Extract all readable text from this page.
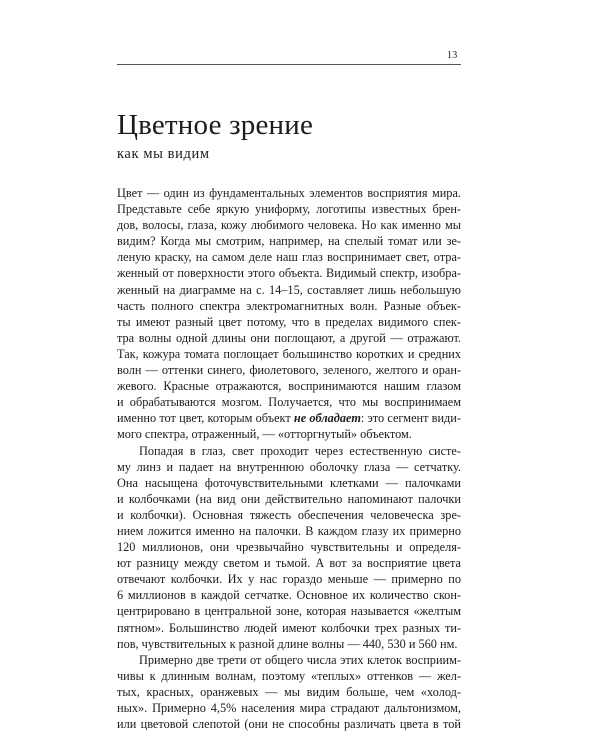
13
Цветное зрение
как мы видим
Цвет — один из фундаментальных элементов восприятия мира.
Представьте себе яркую униформу, логотипы известных брен-
дов, волосы, глаза, кожу любимого человека. Но как именно мы
видим? Когда мы смотрим, например, на спелый томат или зе-
леную краску, на самом деле наш глаз воспринимает свет, отра-
женный от поверхности этого объекта. Видимый спектр, изобра-
женный на диаграмме на с. 14–15, составляет лишь небольшую
часть полного спектра электромагнитных волн. Разные объек-
ты имеют разный цвет потому, что в пределах видимого спек-
тра волны одной длины они поглощают, а другой — отражают.
Так, кожура томата поглощает большинство коротких и средних
волн — оттенки синего, фиолетового, зеленого, желтого и оран-
жевого. Красные отражаются, воспринимаются нашим глазом
и обрабатываются мозгом. Получается, что мы воспринимаем
именно тот цвет, которым объект не обладает: это сегмент види-
мого спектра, отраженный, — «отторгнутый» объектом.
Попадая в глаз, свет проходит через естественную систе-
му линз и падает на внутреннюю оболочку глаза — сетчатку.
Она насыщена фоточувствительными клетками — палочками
и колбочками (на вид они действительно напоминают палочки
и колбочки). Основная тяжесть обеспечения человеческа зре-
нием ложится именно на палочки. В каждом глазу их примерно
120 миллионов, они чрезвычайно чувствительны и определя-
ют разницу между светом и тьмой. А вот за восприятие цвета
отвечают колбочки. Их у нас гораздо меньше — примерно по
6 миллионов в каждой сетчатке. Основное их количество скон-
центрировано в центральной зоне, которая называется «желтым
пятном». Большинство людей имеют колбочки трех разных ти-
пов, чувствительных к разной длине волны — 440, 530 и 560 нм.
Примерно две трети от общего числа этих клеток восприим-
чивы к длинным волнам, поэтому «теплых» оттенков — жел-
тых, красных, оранжевых — мы видим больше, чем «холод-
ных». Примерно 4,5% населения мира страдают дальтонизмом,
или цветовой слепотой (они не способны различать цвета в той
